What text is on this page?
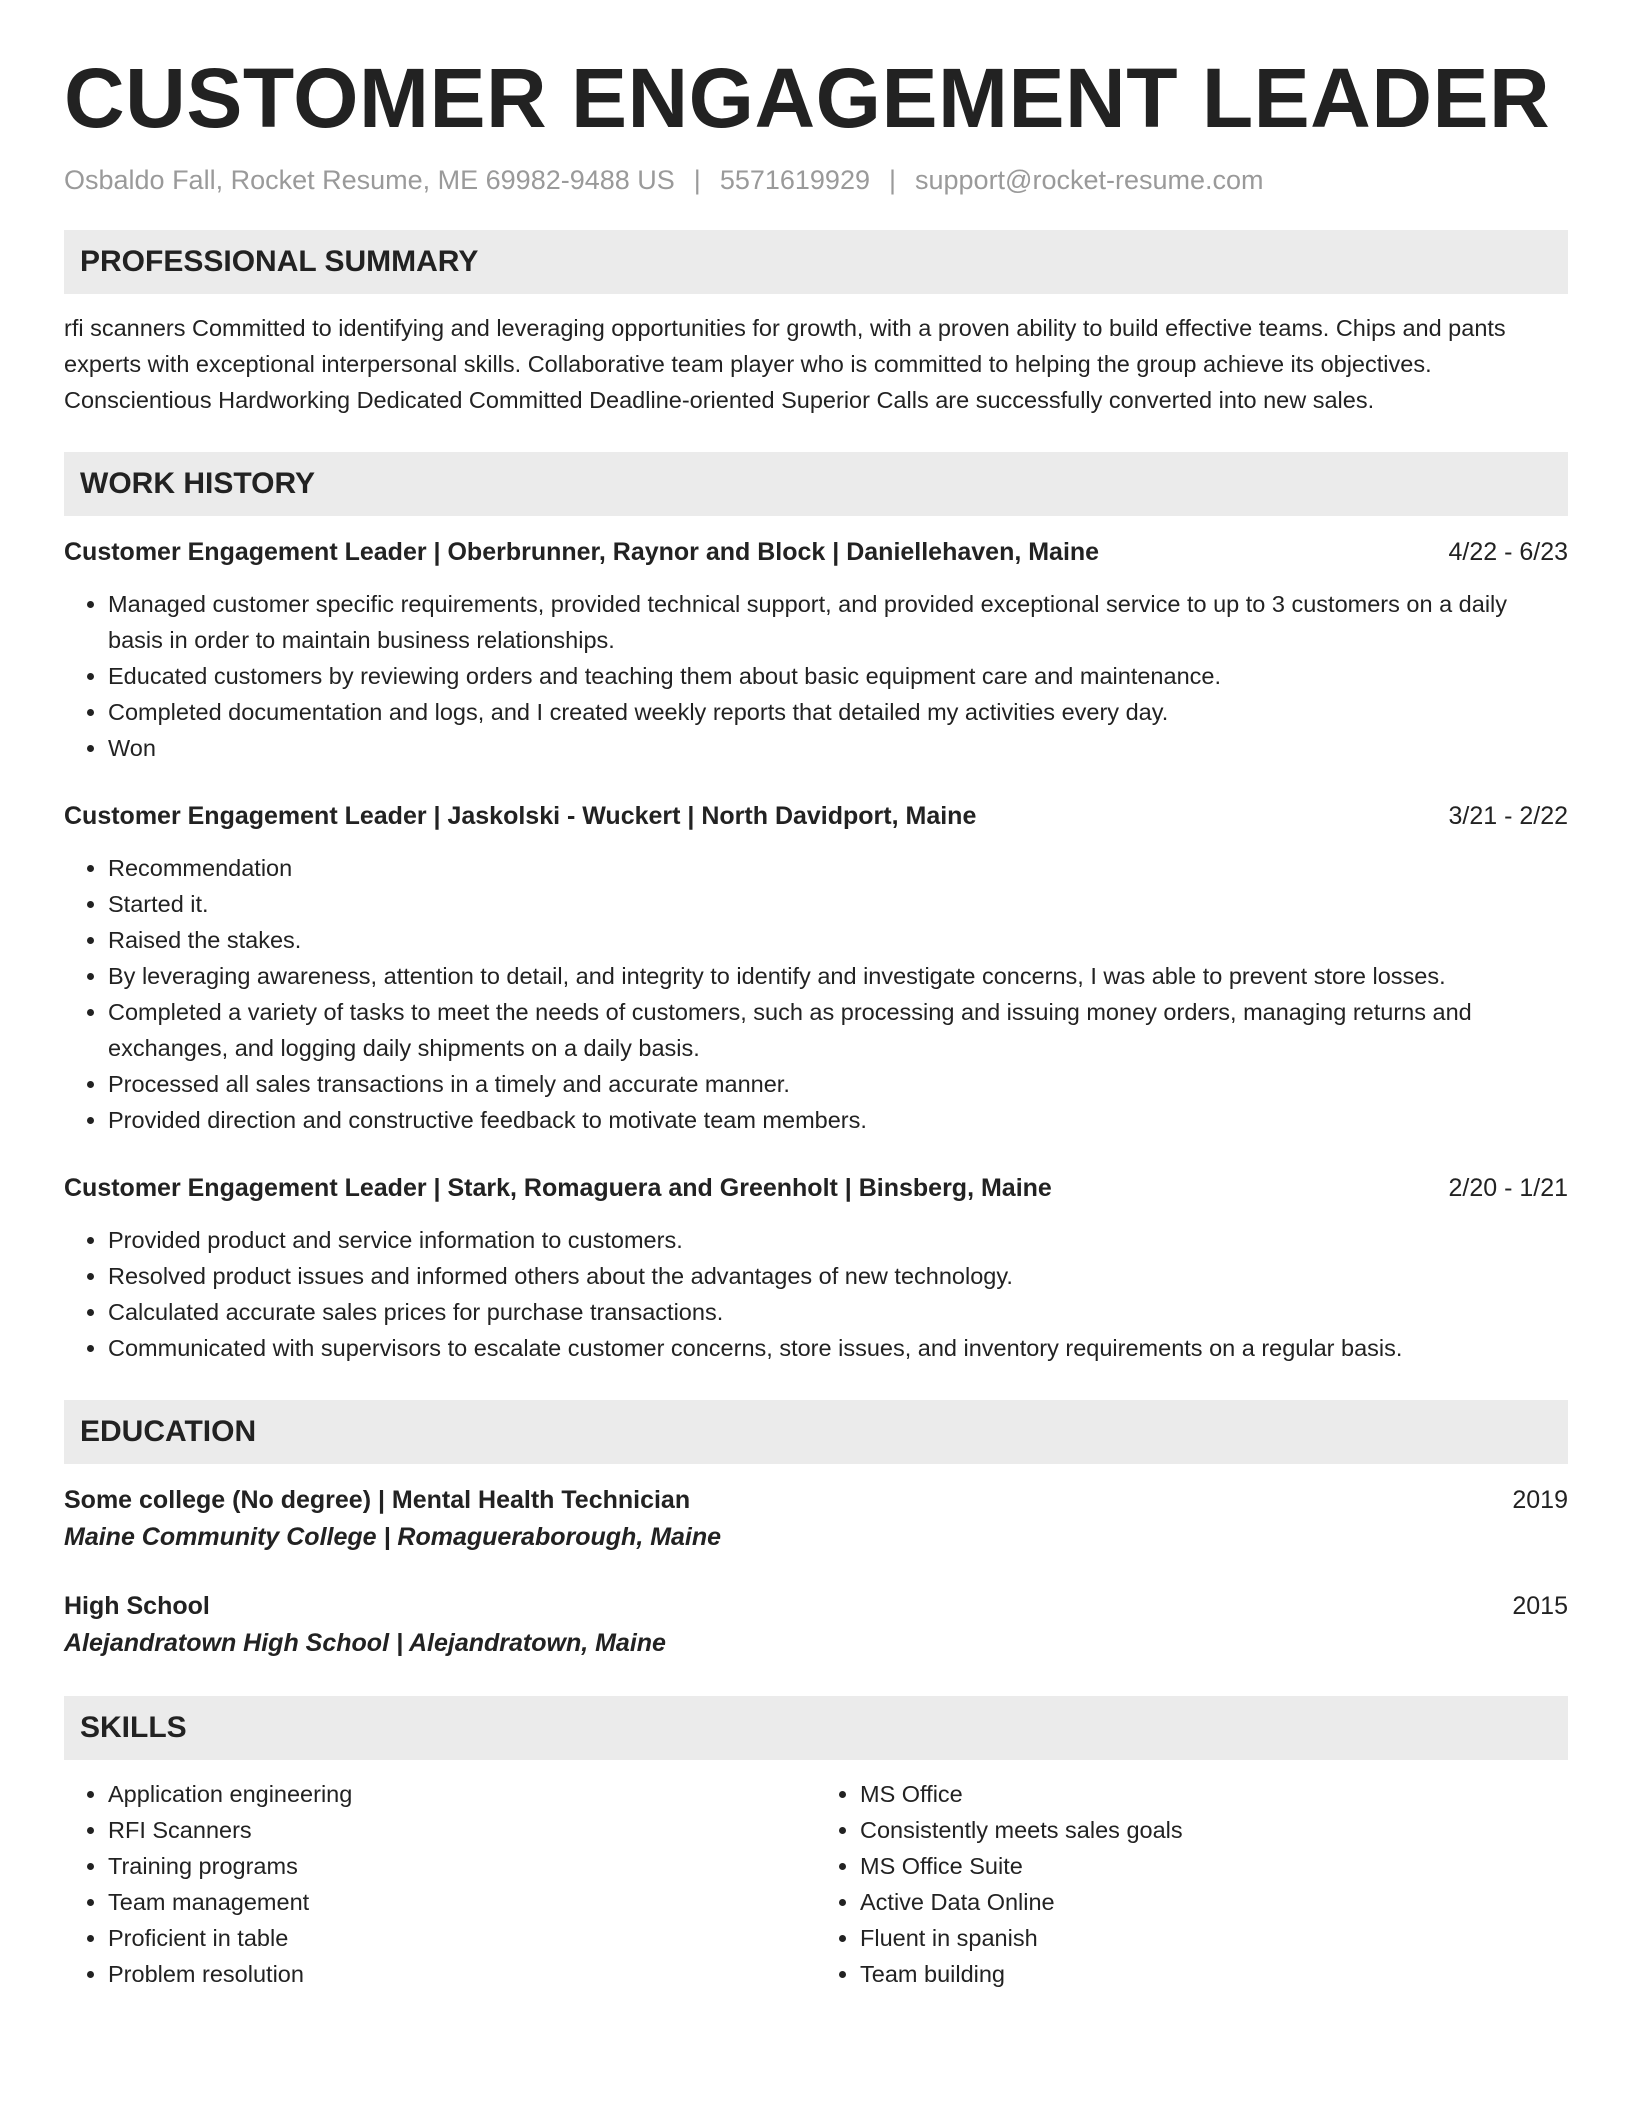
CUSTOMER ENGAGEMENT LEADER
Osbaldo Fall, Rocket Resume, ME 69982-9488 US | 5571619929 | support@rocket-resume.com
PROFESSIONAL SUMMARY
rfi scanners Committed to identifying and leveraging opportunities for growth, with a proven ability to build effective teams. Chips and pants experts with exceptional interpersonal skills. Collaborative team player who is committed to helping the group achieve its objectives. Conscientious Hardworking Dedicated Committed Deadline-oriented Superior Calls are successfully converted into new sales.
WORK HISTORY
Customer Engagement Leader | Oberbrunner, Raynor and Block | Daniellehaven, Maine	4/22 - 6/23
• Managed customer specific requirements, provided technical support, and provided exceptional service to up to 3 customers on a daily basis in order to maintain business relationships.
• Educated customers by reviewing orders and teaching them about basic equipment care and maintenance.
• Completed documentation and logs, and I created weekly reports that detailed my activities every day.
• Won
Customer Engagement Leader | Jaskolski - Wuckert | North Davidport, Maine	3/21 - 2/22
• Recommendation
• Started it.
• Raised the stakes.
• By leveraging awareness, attention to detail, and integrity to identify and investigate concerns, I was able to prevent store losses.
• Completed a variety of tasks to meet the needs of customers, such as processing and issuing money orders, managing returns and exchanges, and logging daily shipments on a daily basis.
• Processed all sales transactions in a timely and accurate manner.
• Provided direction and constructive feedback to motivate team members.
Customer Engagement Leader | Stark, Romaguera and Greenholt | Binsberg, Maine	2/20 - 1/21
• Provided product and service information to customers.
• Resolved product issues and informed others about the advantages of new technology.
• Calculated accurate sales prices for purchase transactions.
• Communicated with supervisors to escalate customer concerns, store issues, and inventory requirements on a regular basis.
EDUCATION
Some college (No degree) | Mental Health Technician	2019
Maine Community College | Romagueraborough, Maine
High School	2015
Alejandratown High School | Alejandratown, Maine
SKILLS
• Application engineering
• RFI Scanners
• Training programs
• Team management
• Proficient in table
• Problem resolution
• MS Office
• Consistently meets sales goals
• MS Office Suite
• Active Data Online
• Fluent in spanish
• Team building
